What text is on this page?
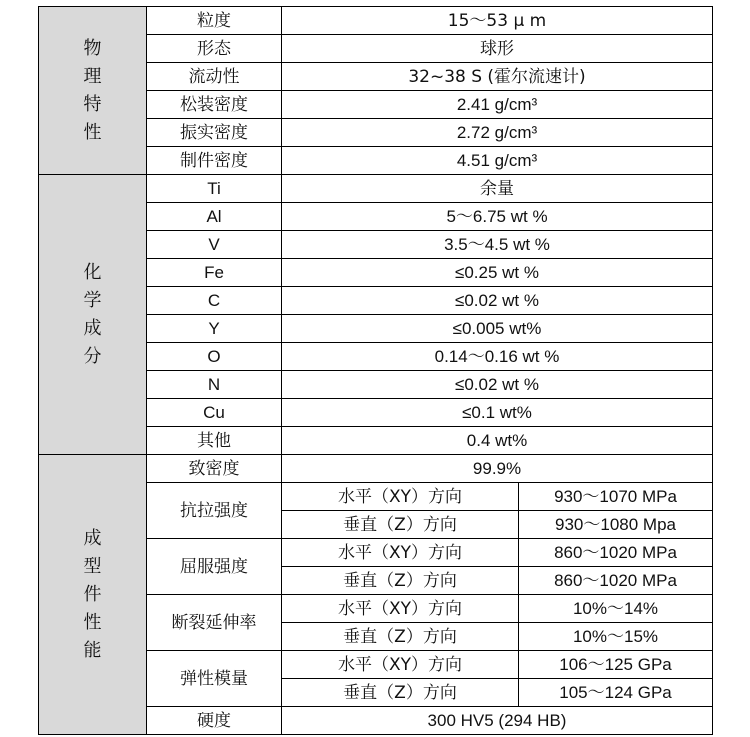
物
理
特
性	粒度	15～53 μ m	
	形态	球形	
	流动性	32~38 S (霍尔流速计)	
	松装密度	2.41 g/cm³	
	振实密度	2.72 g/cm³	
	制件密度	4.51 g/cm³	

化
学
成
分	Ti	余量	
	Al	5～6.75 wt %	
	V	3.5～4.5 wt %	
	Fe	≤0.25 wt %	
	C	≤0.02 wt %	
	Y	≤0.005 wt%	
	O	0.14～0.16 wt %	
	N	≤0.02 wt %	
	Cu	≤0.1 wt%	
	其他	0.4 wt%	

成
型
件
性
能	致密度	99.9%	
	抗拉强度	水平（XY）方向	930～1070 MPa
		垂直（Z）方向	930～1080 Mpa
	屈服强度	水平（XY）方向	860～1020 MPa
		垂直（Z）方向	860～1020 MPa
	断裂延伸率	水平（XY）方向	10%～14%
		垂直（Z）方向	10%～15%
	弹性模量	水平（XY）方向	106～125 GPa
		垂直（Z）方向	105～124 GPa
	硬度	300 HV5 (294 HB)	
